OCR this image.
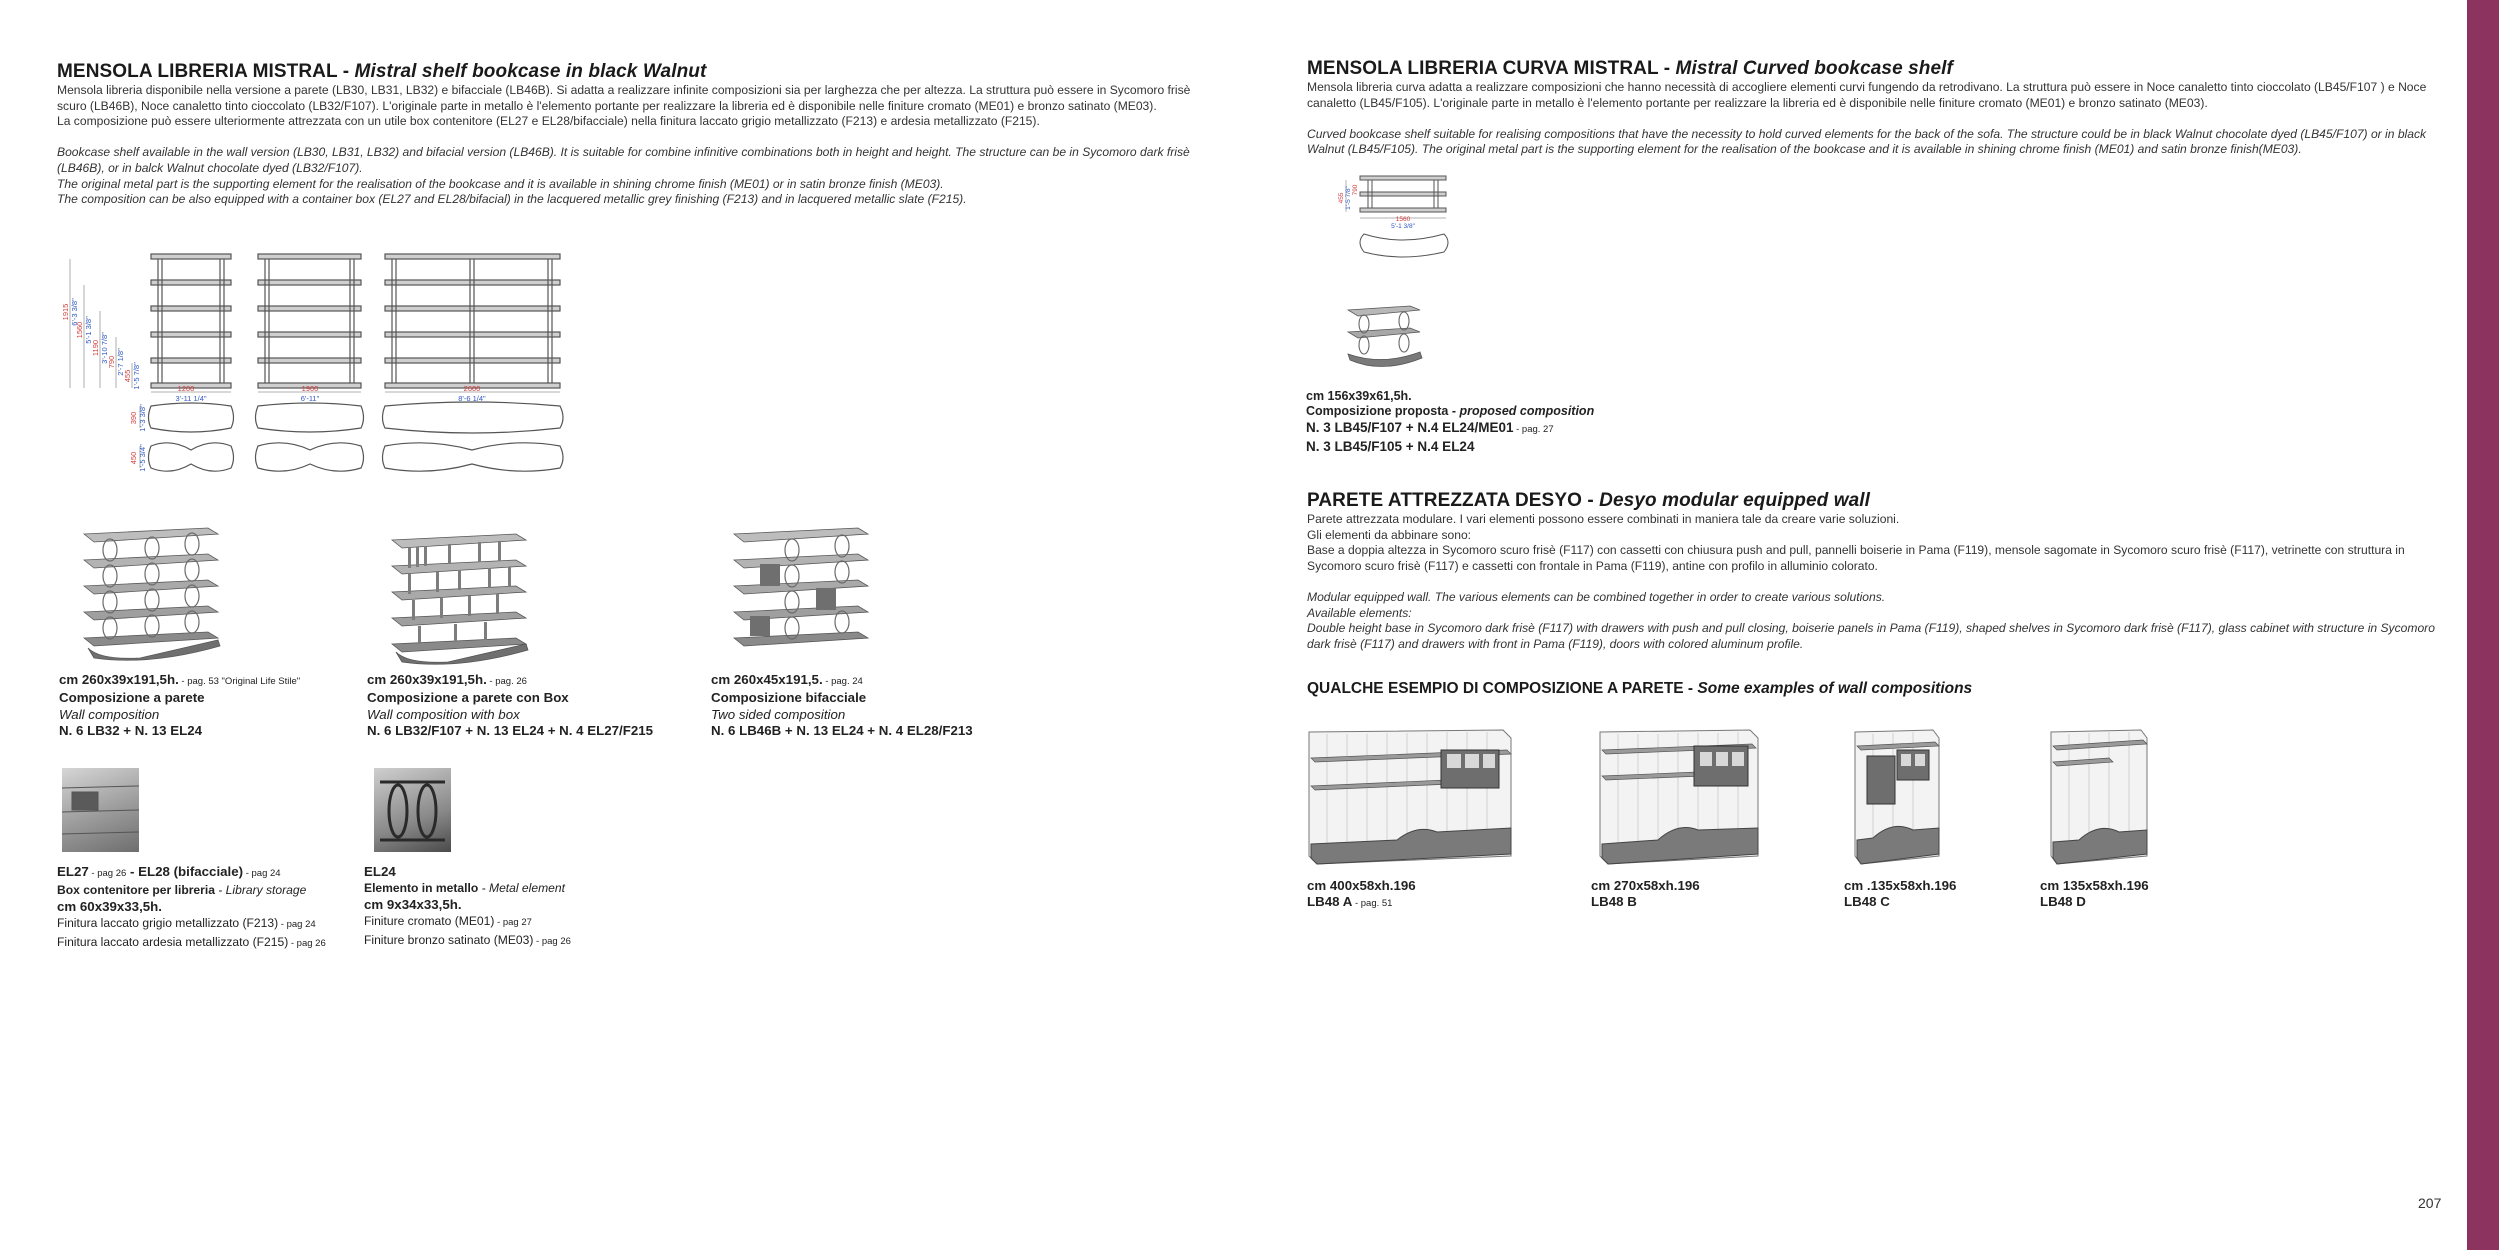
MENSOLA LIBRERIA MISTRAL - Mistral shelf bookcase in black Walnut

Mensola libreria disponibile nella versione a parete (LB30, LB31, LB32) e bifacciale (LB46B). Si adatta a realizzare infinite composizioni sia per larghezza che per altezza. La struttura può essere in Sycomoro frisè scuro (LB46B), Noce canaletto tinto cioccolato (LB32/F107). L'originale parte in metallo è l'elemento portante per realizzare la libreria ed è disponibile nelle finiture cromato (ME01) e bronzo satinato (ME03).

La composizione può essere ulteriormente attrezzata con un utile box contenitore (EL27 e EL28/bifacciale) nella finitura laccato grigio metallizzato (F213) e ardesia metallizzato (F215).

Bookcase shelf available in the wall version (LB30, LB31, LB32) and bifacial version (LB46B). It is suitable for combine infinitive combinations both in height and height. The structure can be in Sycomoro dark frisè (LB46B), or in balck Walnut chocolate dyed (LB32/F107).

The original metal part is the supporting element for the realisation of the bookcase and it is available in shining chrome finish (ME01) or in satin bronze finish (ME03).

The composition can be also equipped with a container box (EL27 and EL28/bifacial) in the lacquered metallic grey finishing (F213) and in lacquered metallic slate (F215).

1200
3'-11 1/4"
1900
6'-11"
2600
8'-6 1/4"
1915 6'-3 3/8"
1560 5'-1 3/8"
1190 3'-10 7/8"
790 2'-7 1/8"
455 1'-5 7/8"
390 1'-3 3/8"
450 1'-5 3/4"
cm 260x39x191,5h. - pag. 53 "Original Life Stile"
Composizione a parete
Wall composition
N. 6 LB32 + N. 13 EL24
cm 260x39x191,5h. - pag. 26
Composizione a parete con Box
Wall composition with box
N. 6 LB32/F107 + N. 13 EL24 + N. 4 EL27/F215
cm 260x45x191,5. - pag. 24
Composizione bifacciale
Two sided composition
N. 6 LB46B + N. 13 EL24 + N. 4 EL28/F213
EL27 - pag 26 - EL28 (bifacciale) - pag 24
Box contenitore per libreria - Library storage
cm 60x39x33,5h.
Finitura laccato grigio metallizzato (F213) - pag 24
Finitura laccato ardesia metallizzato (F215) - pag 26
EL24
Elemento in metallo - Metal element
cm 9x34x33,5h.
Finiture cromato (ME01) - pag 27
Finiture bronzo satinato (ME03) - pag 26
MENSOLA LIBRERIA CURVA MISTRAL - Mistral Curved bookcase shelf

Mensola libreria curva adatta a realizzare composizioni che hanno necessità di accogliere elementi curvi fungendo da retrodivano. La struttura può essere in Noce canaletto tinto cioccolato (LB45/F107 ) e Noce canaletto (LB45/F105). L'originale parte in metallo è l'elemento portante per realizzare la libreria ed è disponibile nelle finiture cromato (ME01) e bronzo satinato (ME03).

Curved bookcase shelf suitable for realising compositions that have the necessity to hold curved elements for the back of the sofa. The structure could be in black Walnut chocolate dyed (LB45/F107) or in black Walnut (LB45/F105). The original metal part is the supporting element for the realisation of the bookcase and it is available in shining chrome finish (ME01) and satin bronze finish(ME03).

1560
5'-1 3/8"
455 1'-5 7/8" 790
cm 156x39x61,5h.
Composizione proposta - proposed composition
N. 3 LB45/F107 + N.4 EL24/ME01 - pag. 27
N. 3 LB45/F105 + N.4 EL24
PARETE ATTREZZATA DESYO - Desyo modular equipped wall

Parete attrezzata modulare. I vari elementi possono essere combinati in maniera tale da creare varie soluzioni.

Gli elementi da abbinare sono:

Base a doppia altezza in Sycomoro scuro frisè (F117) con cassetti con chiusura push and pull, pannelli boiserie in Pama (F119), mensole sagomate in Sycomoro scuro frisè (F117), vetrinette con struttura in Sycomoro scuro frisè (F117) e cassetti con frontale in Pama (F119), antine con profilo in alluminio colorato.

Modular equipped wall. The various elements can be combined together in order to create various solutions.

Available elements:

Double height base in Sycomoro dark frisè (F117) with drawers with push and pull closing, boiserie panels in Pama (F119), shaped shelves in Sycomoro dark frisè (F117), glass cabinet with structure in Sycomoro dark frisè (F117) and drawers with front in Pama (F119), doors with colored aluminum profile.

QUALCHE ESEMPIO DI COMPOSIZIONE A PARETE - Some examples of wall compositions
cm 400x58xh.196
LB48 A - pag. 51
cm 270x58xh.196
LB48 B
cm .135x58xh.196
LB48 C
cm 135x58xh.196
LB48 D
207
